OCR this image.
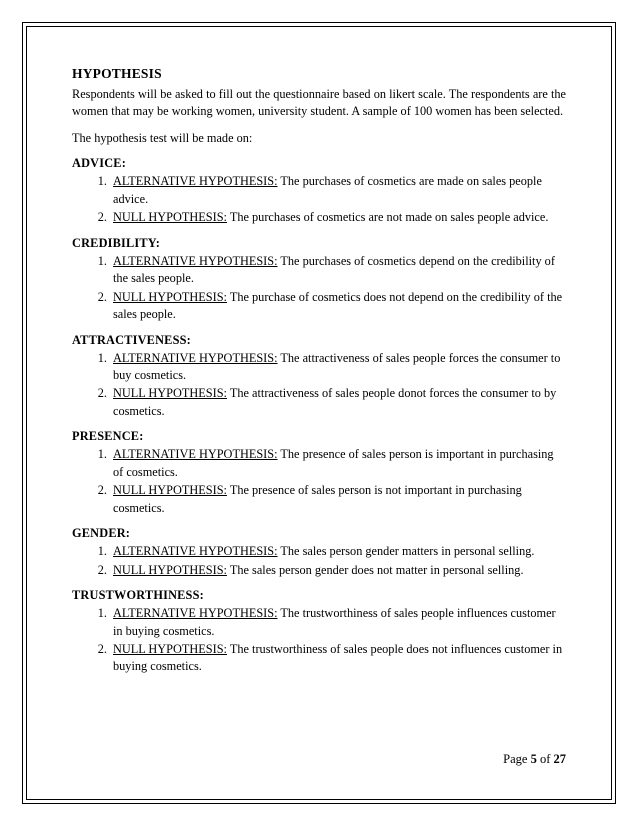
HYPOTHESIS

Respondents will be asked to fill out the questionnaire based on likert scale. The respondents are the women that may be working women, university student. A sample of 100 women has been selected.

The hypothesis test will be made on:

ADVICE:
1. ALTERNATIVE HYPOTHESIS: The purchases of cosmetics are made on sales people advice.
2. NULL HYPOTHESIS: The purchases of cosmetics are not made on sales people advice.
CREDIBILITY:
1. ALTERNATIVE HYPOTHESIS: The purchases of cosmetics depend on the credibility of the sales people.
2. NULL HYPOTHESIS: The purchase of cosmetics does not depend on the credibility of the sales people.
ATTRACTIVENESS:
1. ALTERNATIVE HYPOTHESIS: The attractiveness of sales people forces the consumer to buy cosmetics.
2. NULL HYPOTHESIS: The attractiveness of sales people donot forces the consumer to by cosmetics.
PRESENCE:
1. ALTERNATIVE HYPOTHESIS: The presence of sales person is important in purchasing of cosmetics.
2. NULL HYPOTHESIS: The presence of sales person is not important in purchasing cosmetics.
GENDER:
1. ALTERNATIVE HYPOTHESIS: The sales person gender matters in personal selling.
2. NULL HYPOTHESIS: The sales person gender does not matter in personal selling.
TRUSTWORTHINESS:
1. ALTERNATIVE HYPOTHESIS: The trustworthiness of sales people influences customer in buying cosmetics.
2. NULL HYPOTHESIS: The trustworthiness of sales people does not influences customer in buying cosmetics.
Page 5 of 27
